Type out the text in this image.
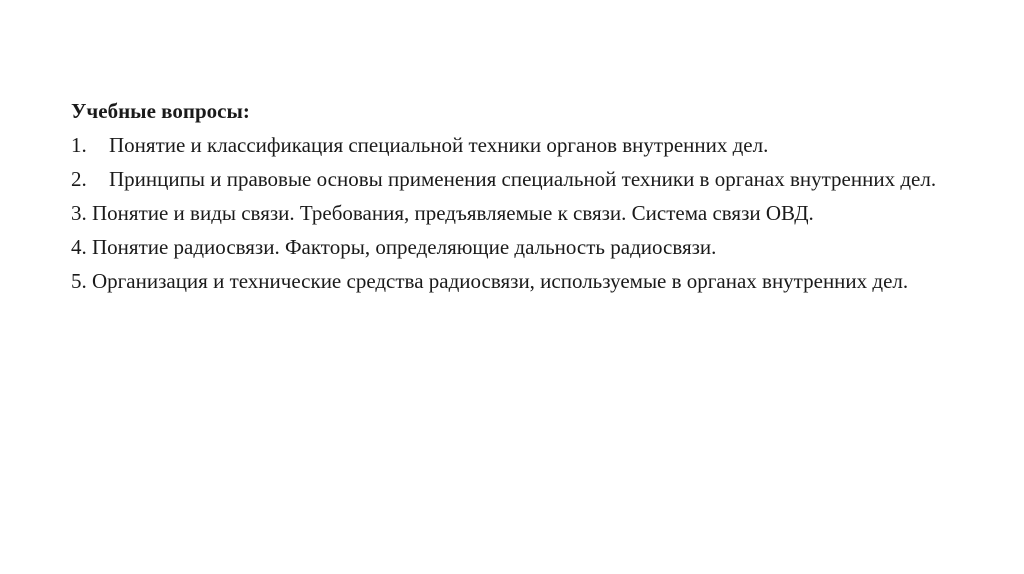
Учебные вопросы:
1.	Понятие и классификация специальной техники органов внутренних дел.
2.	Принципы и правовые основы применения специальной техники в органах внутренних дел.
3. Понятие и виды связи. Требования, предъявляемые к связи. Система связи ОВД.
4. Понятие радиосвязи. Факторы, определяющие дальность радиосвязи.
5. Организация и технические средства радиосвязи, используемые в органах внутренних дел.
